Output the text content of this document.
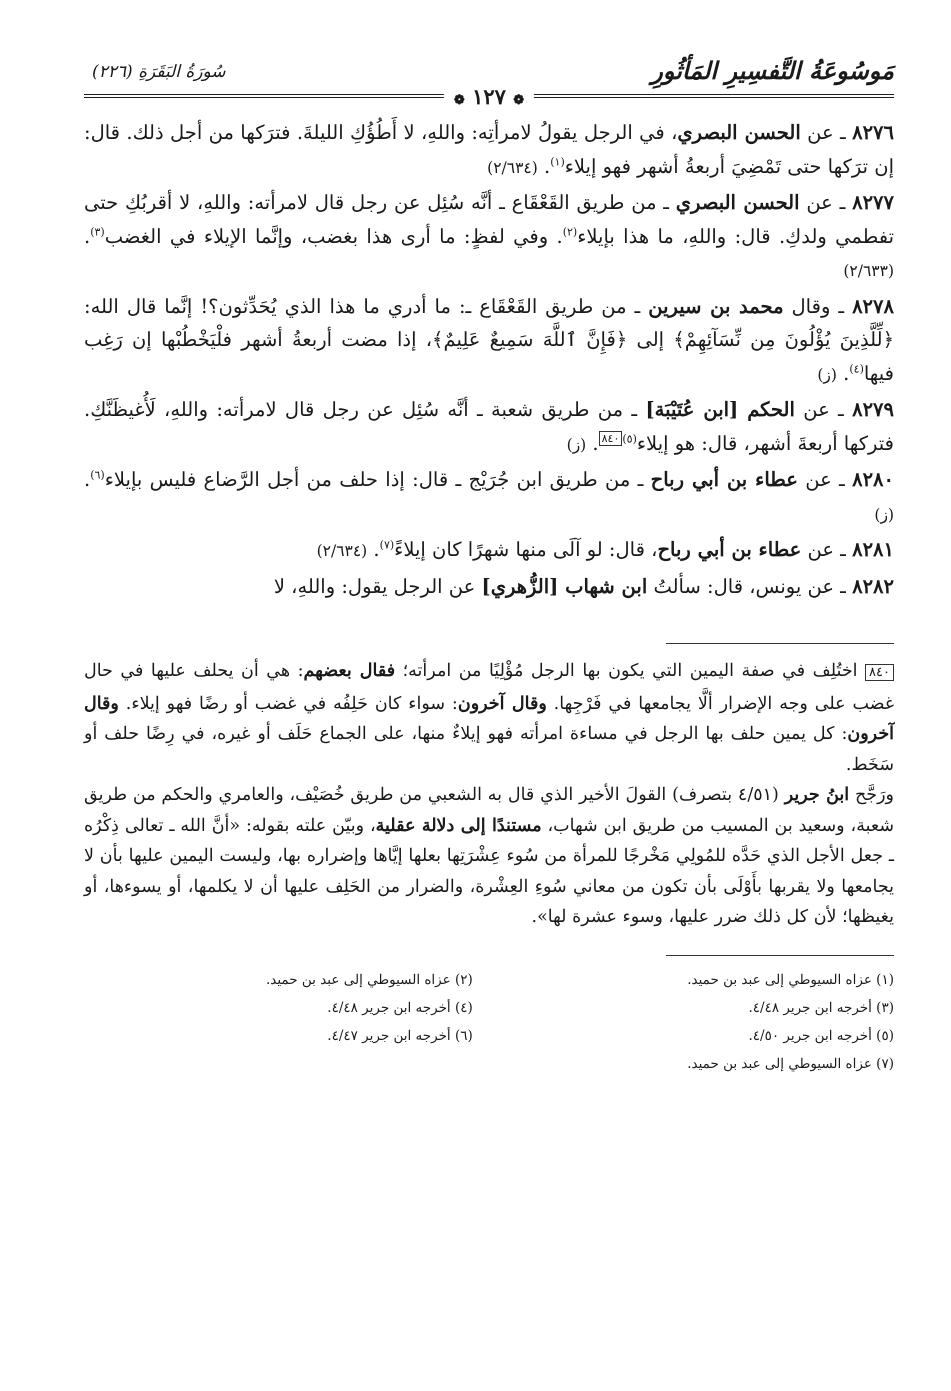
مَوسُوعَةُ التَّفسِيرِ المَأثُورِ
❁ ١٢٧ ❁
سُورَةُ البَقَرَةِ (٢٢٦)

٨٢٧٦ ـ عن الحسن البصري، في الرجل يقولُ لامرأتِه: واللهِ، لا أَطُؤُكِ الليلةَ. فترَكها من أجل ذلك. قال: إن ترَكها حتى تَمْضِيَ أربعةُ أشهر فهو إيلاء$^{(١)}$. (٢/٦٣٤)

٨٢٧٧ ـ عن الحسن البصري ـ من طريق القَعْقَاع ـ أنَّه سُئِل عن رجل قال لامرأته: واللهِ، لا أقربُكِ حتى تفطمي ولدكِ. قال: واللهِ، ما هذا بإيلاء$^{(٢)}$. وفي لفظٍ: ما أرى هذا بغضب، وإنَّما الإيلاء في الغضب$^{(٣)}$. (٢/٦٣٣)

٨٢٧٨ ـ وقال محمد بن سيرين ـ من طريق القَعْقَاع ـ: ما أدري ما هذا الذي يُحَدِّثون؟! إنَّما قال الله: ﴿لِّلَّذِينَ يُؤْلُونَ مِن نِّسَآئِهِمْ﴾ إلى ﴿فَإِنَّ ٱللَّهَ سَمِيعٌ عَلِيمٌ﴾، إذا مضت أربعةُ أشهر فلْيَخْطُبْها إن رَغِب فيها$^{(٤)}$. (ز)

٨٢٧٩ ـ عن الحكم [ابن عُتَيْبَة] ـ من طريق شعبة ـ أنَّه سُئِل عن رجل قال لامرأته: واللهِ، لَأُغيظَنَّكِ. فتركها أربعةَ أشهر، قال: هو إيلاء$^{(٥)٨٤٠}$. (ز)

٨٢٨٠ ـ عن عطاء بن أبي رباح ـ من طريق ابن جُرَيْج ـ قال: إذا حلف من أجل الرَّضاع فليس بإيلاء$^{(٦)}$. (ز)

٨٢٨١ ـ عن عطاء بن أبي رباح، قال: لو آلَى منها شهرًا كان إيلاءً$^{(٧)}$. (٢/٦٣٤)

٨٢٨٢ ـ عن يونس، قال: سألتُ ابن شهاب [الزُّهري] عن الرجل يقول: واللهِ، لا

٨٤٠ اختُلِف في صفة اليمين التي يكون بها الرجل مُؤْلِيًا من امرأته؛ فقال بعضهم: هي أن يحلف عليها في حال غضب على وجه الإضرار ألَّا يجامعها في فَرْجِها. وقال آخرون: سواء كان حَلِفُه في غضب أو رضًا فهو إيلاء. وقال آخرون: كل يمين حلف بها الرجل في مساءة امرأته فهو إيلاءٌ منها، على الجماع حَلَف أو غيره، في رِضًا حلف أو سَخَط.

ورَجَّح ابنُ جرير (٤/٥١ بتصرف) القولَ الأخير الذي قال به الشعبي من طريق خُصَيْف، والعامري والحكم من طريق شعبة، وسعيد بن المسيب من طريق ابن شهاب، مستندًا إلى دلالة عقلية، وبيّن علته بقوله: «أنَّ الله ـ تعالى ذِكْرُه ـ جعل الأجل الذي حَدَّه للمُولِي مَخْرجًا للمرأة من سُوء عِشْرَتِها بعلها إيَّاها وإضراره بها، وليست اليمين عليها بأن لا يجامعها ولا يقربها بأَوْلَى بأن تكون من معاني سُوءِ العِشْرة، والضرار من الحَلِف عليها أن لا يكلمها، أو يسوءها، أو يغيظها؛ لأن كل ذلك ضرر عليها، وسوء عشرة لها».

(١) عزاه السيوطي إلى عبد بن حميد.
(٣) أخرجه ابن جرير ٤/٤٨.
(٥) أخرجه ابن جرير ٤/٥٠.
(٧) عزاه السيوطي إلى عبد بن حميد.
(٢) عزاه السيوطي إلى عبد بن حميد.
(٤) أخرجه ابن جرير ٤/٤٨.
(٦) أخرجه ابن جرير ٤/٤٧.
